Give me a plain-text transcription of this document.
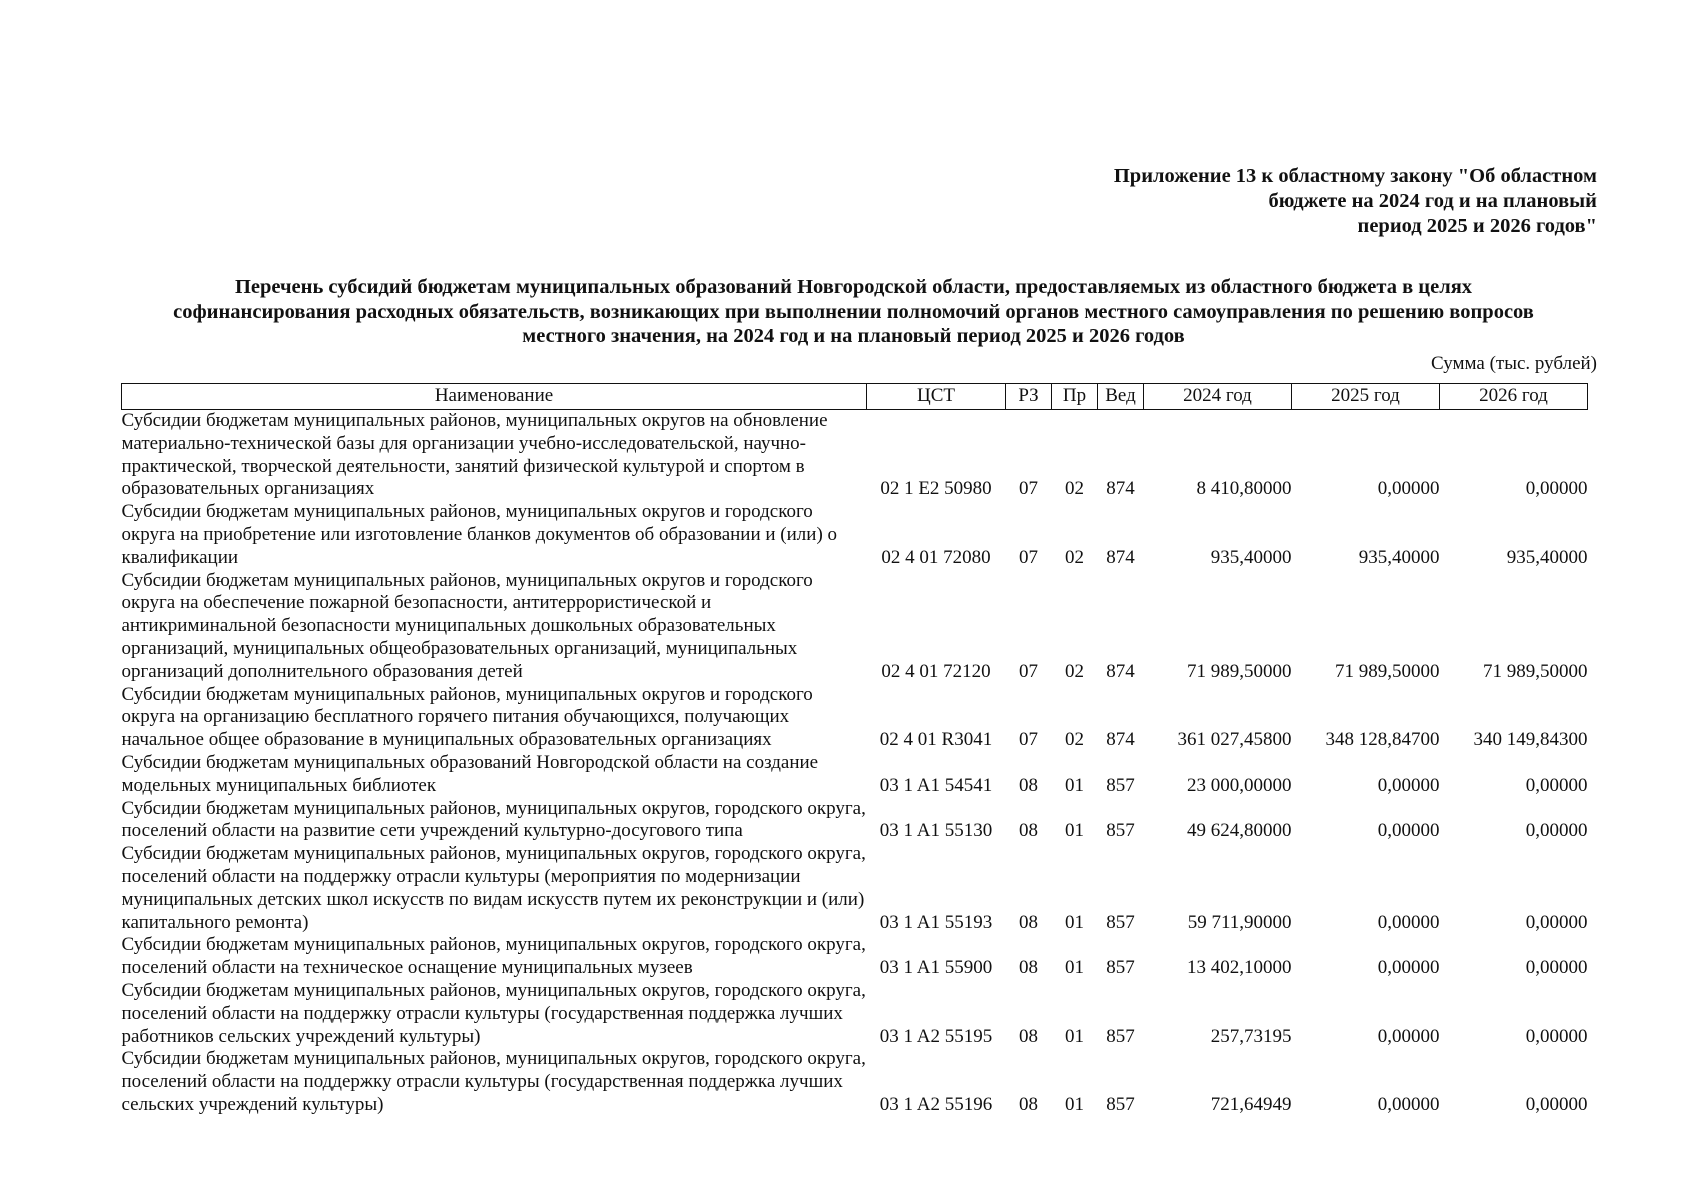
Приложение 13 к областному закону "Об областном
бюджете на 2024 год и на плановый
период 2025 и 2026 годов"
Перечень субсидий бюджетам муниципальных образований Новгородской области, предоставляемых из областного бюджета в целях
софинансирования расходных обязательств, возникающих при выполнении полномочий органов местного самоуправления по решению вопросов
местного значения, на 2024 год и на плановый период 2025 и 2026 годов
Сумма (тыс. рублей)
Наименование	ЦСТ	РЗ	Пр	Вед	2024 год	2025 год	2026 год
Субсидии бюджетам муниципальных районов, муниципальных округов на обновление материально-технической базы для организации учебно-исследовательской, научно-практической, творческой деятельности, занятий физической культурой и спортом в образовательных организациях	02 1 E2 50980	07	02	874	8 410,80000	0,00000	0,00000
Субсидии бюджетам муниципальных районов, муниципальных округов и городского округа на приобретение или изготовление бланков документов об образовании и (или) о квалификации	02 4 01 72080	07	02	874	935,40000	935,40000	935,40000
Субсидии бюджетам муниципальных районов, муниципальных округов и городского округа на обеспечение пожарной безопасности, антитеррористической и антикриминальной безопасности муниципальных дошкольных образовательных организаций, муниципальных общеобразовательных организаций, муниципальных организаций дополнительного образования детей	02 4 01 72120	07	02	874	71 989,50000	71 989,50000	71 989,50000
Субсидии бюджетам муниципальных районов, муниципальных округов и городского округа на организацию бесплатного горячего питания обучающихся, получающих начальное общее образование в муниципальных образовательных организациях	02 4 01 R3041	07	02	874	361 027,45800	348 128,84700	340 149,84300
Субсидии бюджетам муниципальных образований Новгородской области на создание модельных муниципальных библиотек	03 1 A1 54541	08	01	857	23 000,00000	0,00000	0,00000
Субсидии бюджетам муниципальных районов, муниципальных округов, городского округа, поселений области на развитие сети учреждений культурно-досугового типа	03 1 A1 55130	08	01	857	49 624,80000	0,00000	0,00000
Субсидии бюджетам муниципальных районов, муниципальных округов, городского округа, поселений области на поддержку отрасли культуры (мероприятия по модернизации муниципальных детских школ искусств по видам искусств путем их реконструкции и (или) капитального ремонта)	03 1 A1 55193	08	01	857	59 711,90000	0,00000	0,00000
Субсидии бюджетам муниципальных районов, муниципальных округов, городского округа, поселений области на техническое оснащение муниципальных музеев	03 1 A1 55900	08	01	857	13 402,10000	0,00000	0,00000
Субсидии бюджетам муниципальных районов, муниципальных округов, городского округа, поселений области на поддержку отрасли культуры (государственная поддержка лучших работников сельских учреждений культуры)	03 1 A2 55195	08	01	857	257,73195	0,00000	0,00000
Субсидии бюджетам муниципальных районов, муниципальных округов, городского округа, поселений области на поддержку отрасли культуры (государственная поддержка лучших сельских учреждений культуры)	03 1 A2 55196	08	01	857	721,64949	0,00000	0,00000
